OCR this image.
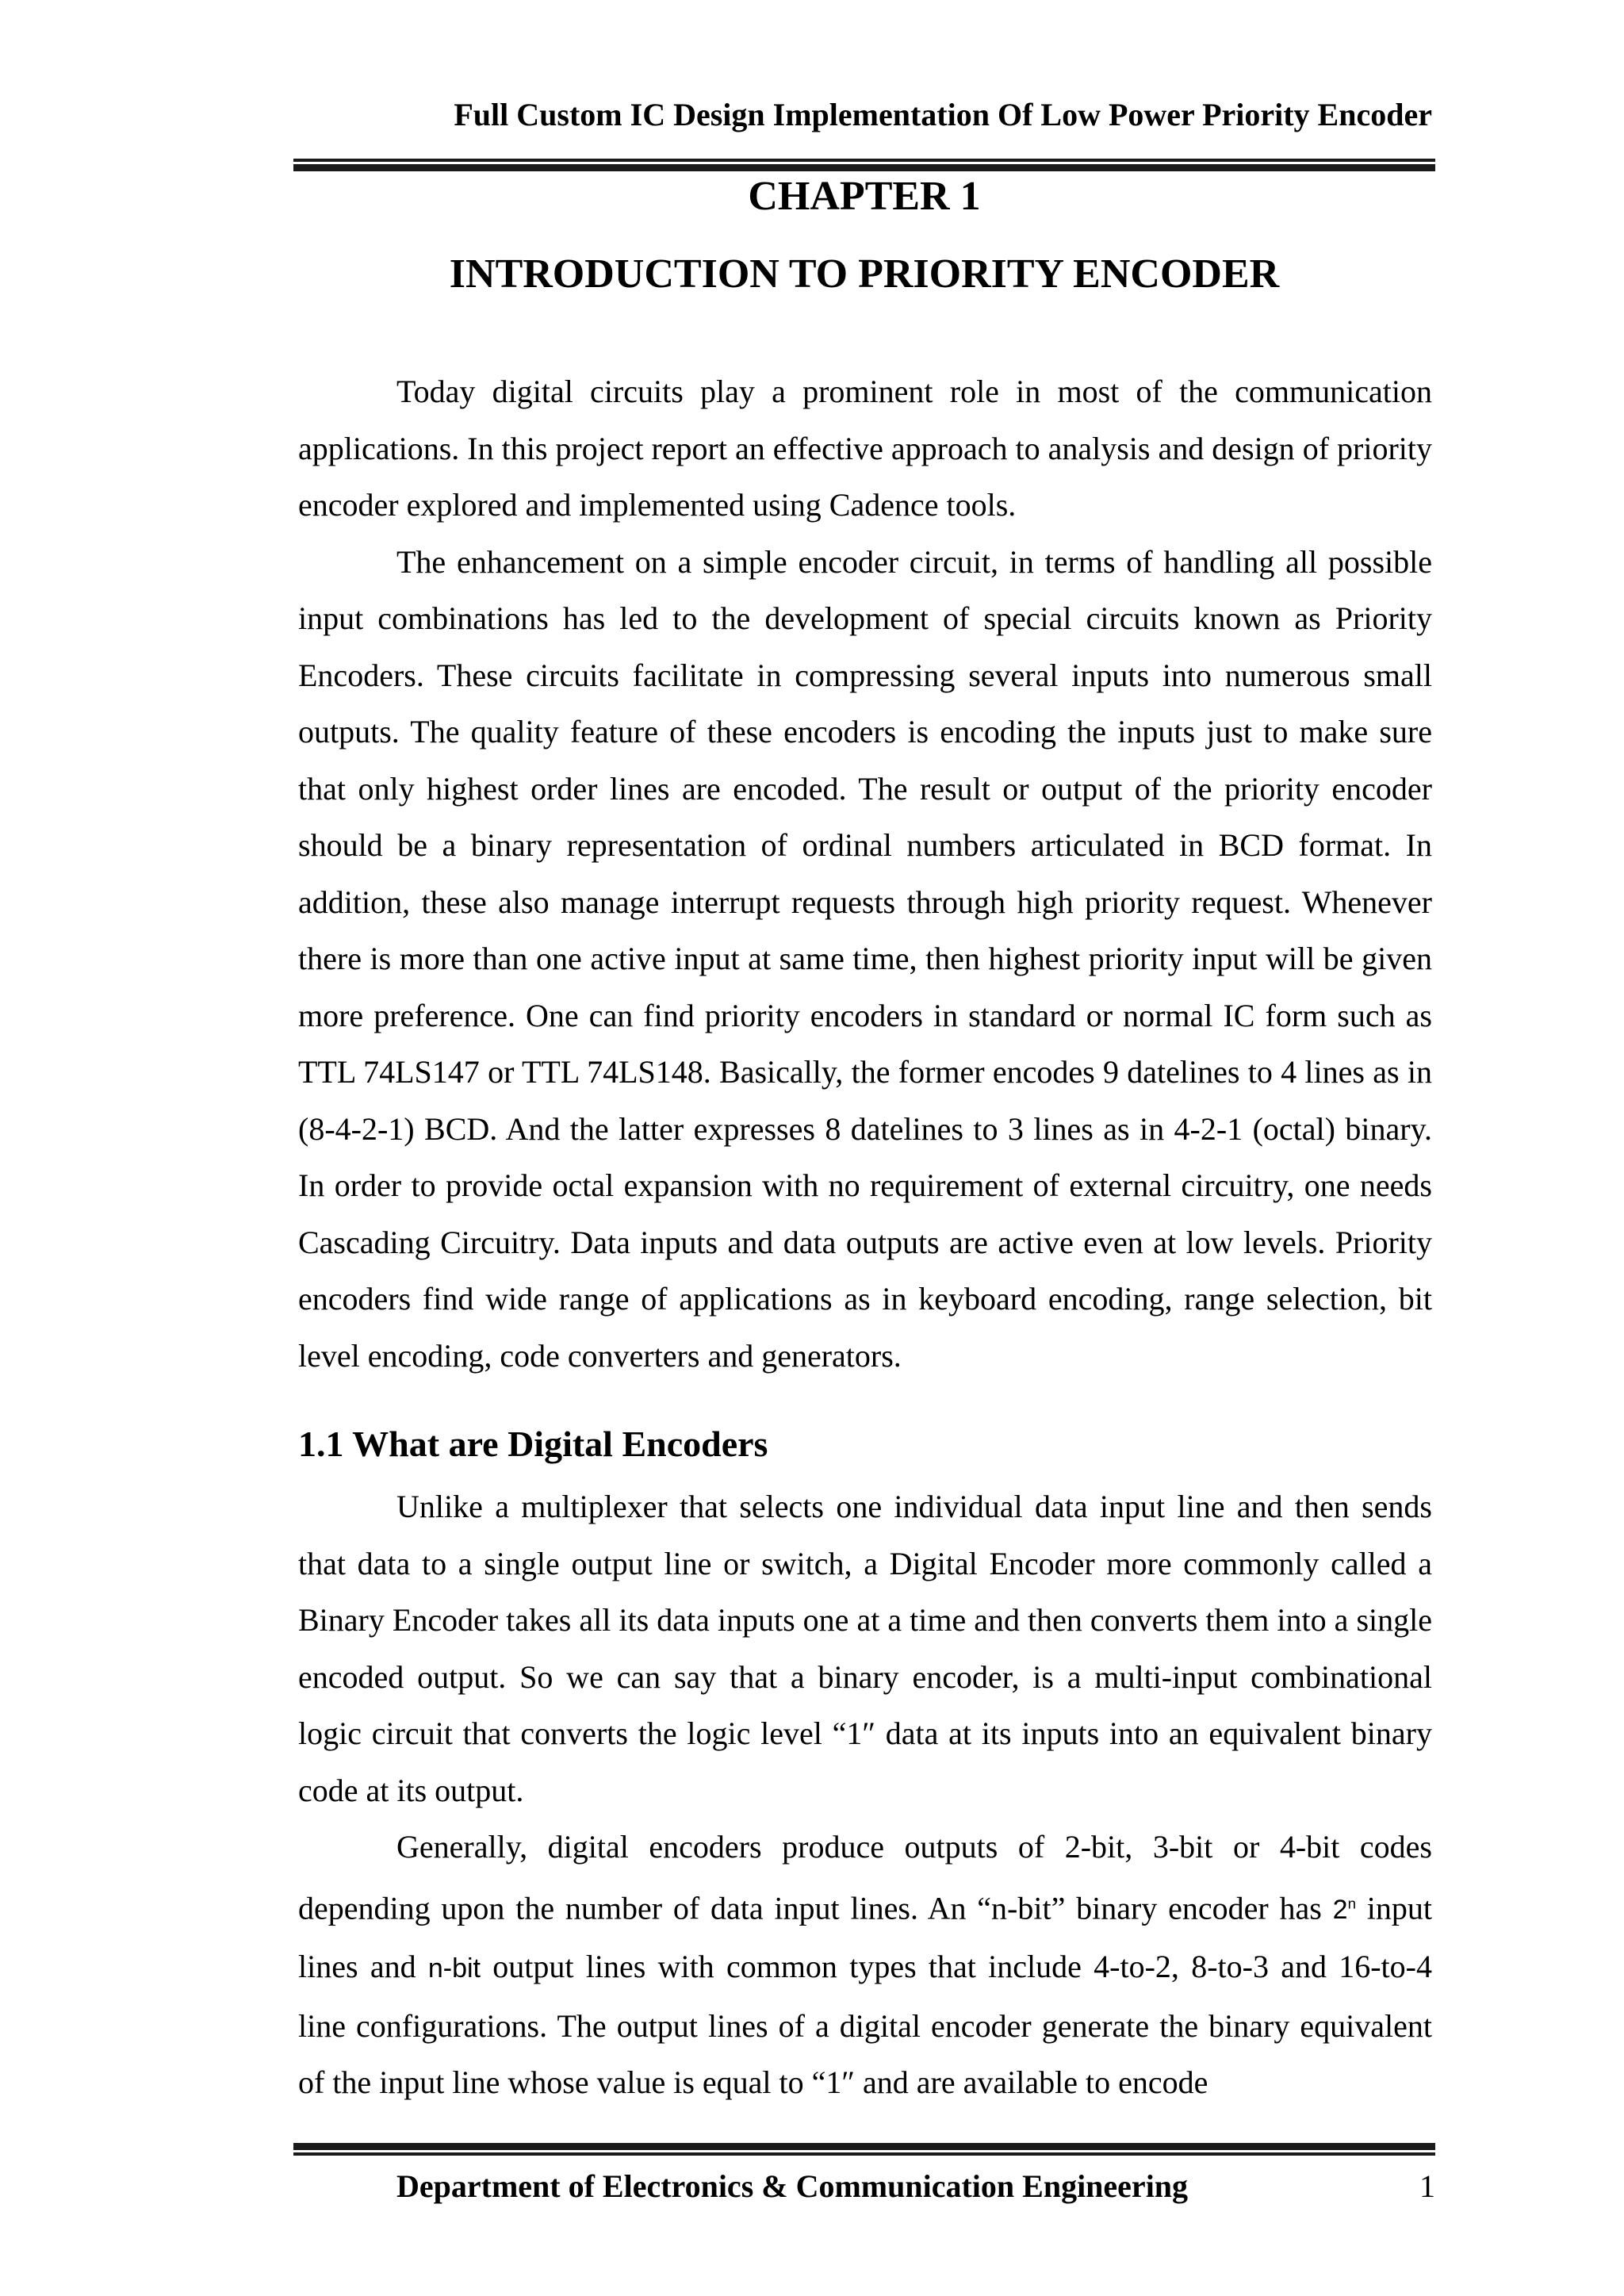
Full Custom IC Design Implementation Of Low Power Priority Encoder
CHAPTER 1
INTRODUCTION TO PRIORITY ENCODER

Today digital circuits play a prominent role in most of the communication applications. In this project report an effective approach to analysis and design of priority encoder explored and implemented using Cadence tools.

The enhancement on a simple encoder circuit, in terms of handling all possible input combinations has led to the development of special circuits known as Priority Encoders. These circuits facilitate in compressing several inputs into numerous small outputs. The quality feature of these encoders is encoding the inputs just to make sure that only highest order lines are encoded. The result or output of the priority encoder should be a binary representation of ordinal numbers articulated in BCD format. In addition, these also manage interrupt requests through high priority request. Whenever there is more than one active input at same time, then highest priority input will be given more preference. One can find priority encoders in standard or normal IC form such as TTL 74LS147 or TTL 74LS148. Basically, the former encodes 9 datelines to 4 lines as in (8-4-2-1) BCD. And the latter expresses 8 datelines to 3 lines as in 4-2-1 (octal) binary. In order to provide octal expansion with no requirement of external circuitry, one needs Cascading Circuitry. Data inputs and data outputs are active even at low levels. Priority encoders find wide range of applications as in keyboard encoding, range selection, bit level encoding, code converters and generators.

1.1 What are Digital Encoders

Unlike a multiplexer that selects one individual data input line and then sends that data to a single output line or switch, a Digital Encoder more commonly called a Binary Encoder takes all its data inputs one at a time and then converts them into a single encoded output. So we can say that a binary encoder, is a multi-input combinational logic circuit that converts the logic level “1″ data at its inputs into an equivalent binary code at its output.

Generally, digital encoders produce outputs of 2-bit, 3-bit or 4-bit codes depending upon the number of data input lines. An “n-bit” binary encoder has 2$^n$ input lines and n-bit output lines with common types that include 4-to-2, 8-to-3 and 16-to-4 line configurations. The output lines of a digital encoder generate the binary equivalent of the input line whose value is equal to “1″ and are available to encode

Department of Electronics & Communication Engineering	1
